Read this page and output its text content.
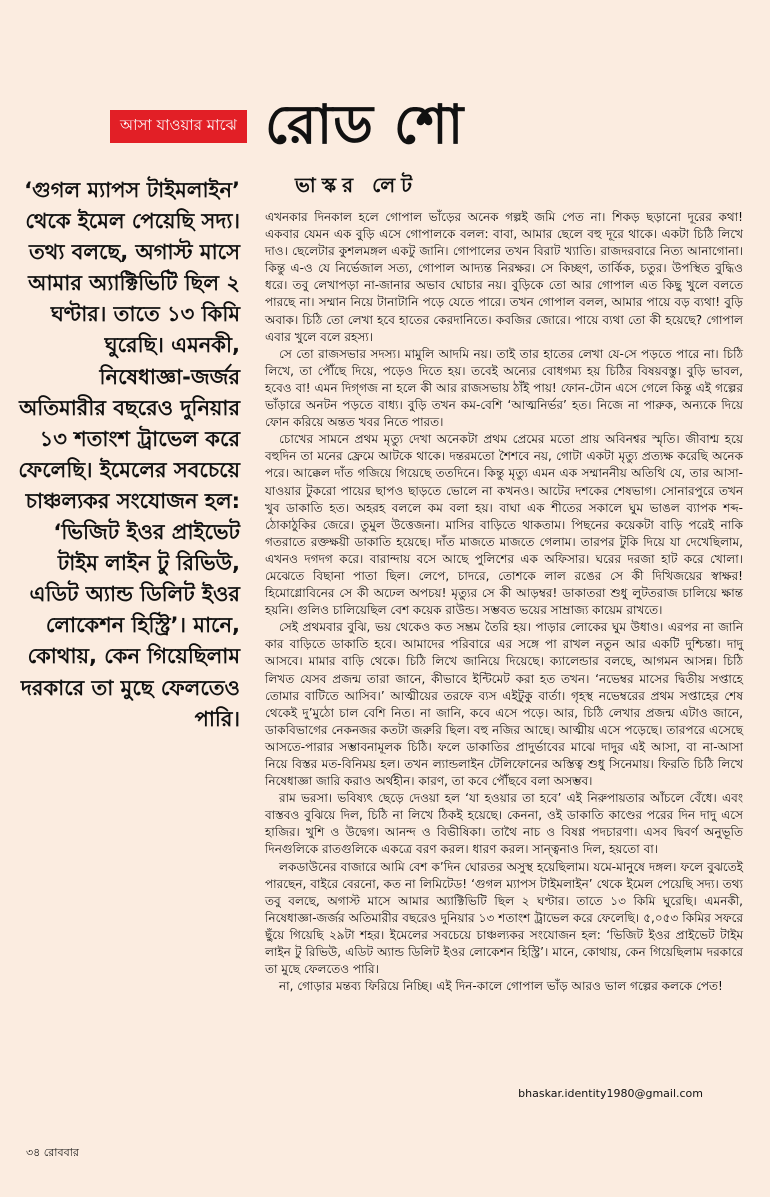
আসা যাওয়ার মাঝে রোড শো
ভাস্কর লেট

‘গুগল ম্যাপস টাইমলাইন’ থেকে ইমেল পেয়েছি সদ্য। তথ্য বলছে, অগাস্ট মাসে আমার অ্যাক্টিভিটি ছিল ২ ঘণ্টার। তাতে ১৩ কিমি ঘুরেছি। এমনকী, নিষেধাজ্ঞা-জর্জর অতিমারীর বছরেও দুনিয়ার ১৩ শতাংশ ট্রাভেল করে ফেলেছি। ইমেলের সবচেয়ে চাঞ্চল্যকর সংযোজন হল: ‘ভিজিট ইওর প্রাইভেট টাইম লাইন টু রিভিউ, এডিট অ্যান্ড ডিলিট ইওর লোকেশন হিস্ট্রি’। মানে, কোথায়, কেন গিয়েছিলাম দরকারে তা মুছে ফেলতেও পারি।

এখনকার দিনকাল হলে গোপাল ভাঁড়ের অনেক গল্পই জমি পেত না। শিকড় ছড়ানো দূরের কথা! একবার যেমন এক বুড়ি এসে গোপালকে বলল: বাবা, আমার ছেলে বহু দূরে থাকে। একটা চিঠি লিখে দাও। ছেলেটার কুশলমঙ্গল একটু জানি। গোপালের তখন বিরাট খ্যাতি। রাজদরবারে নিত্য আনাগোনা। কিন্তু এ-ও যে নির্ভেজাল সত্য, গোপাল আদ্যন্ত নিরক্ষর। সে কিচ্ছণ, তার্কিক, চতুর। উপস্থিত বুদ্ধিও ধরে। তবু লেখাপড়া না-জানার অভাব ঘোচার নয়। বুড়িকে তো আর গোপাল এত কিছু খুলে বলতে পারছে না। সম্মান নিয়ে টানাটানি পড়ে যেতে পারে। তখন গোপাল বলল, আমার পায়ে বড় ব্যথা! বুড়ি অবাক। চিঠি তো লেখা হবে হাতের কেরদানিতে। কবজির জোরে। পায়ে ব্যথা তো কী হয়েছে? গোপাল এবার খুলে বলে রহস্য।

সে তো রাজসভার সদস্য। মামুলি আদমি নয়। তাই তার হাতের লেখা যে-সে পড়তে পারে না। চিঠি লিখে, তা পৌঁছে দিয়ে, পড়েও দিতে হয়। তবেই অন্যের বোধগম্য হয় চিঠির বিষয়বস্তু। বুড়ি ভাবল, হবেও বা! এমন দিগ্‌গজ না হলে কী আর রাজসভায় ঠাঁই পায়! ফোন-টোন এসে গেলে কিন্তু এই গল্পের ভাঁড়ারে অনটন পড়তে বাধ্য। বুড়ি তখন কম-বেশি ‘আত্মনির্ভর’ হত। নিজে না পারুক, অন্যকে দিয়ে ফোন করিয়ে অন্তত খবর নিতে পারত।

চোখের সামনে প্রথম মৃত্যু দেখা অনেকটা প্রথম প্রেমের মতো প্রায় অবিনশ্বর স্মৃতি। জীবাশ্ম হয়ে বহুদিন তা মনের ফ্রেমে আটকে থাকে। দন্তরমতো শৈশবে নয়, গোটা একটা মৃত্যু প্রত্যক্ষ করেছি অনেক পরে। আক্কেল দাঁত গজিয়ে গিয়েছে ততদিনে। কিন্তু মৃত্যু এমন এক সম্মাননীয় অতিথি যে, তার আসা-যাওয়ার টুকরো পায়ের ছাপও ছাড়তে ভোলে না কখনও। আটের দশকের শেষভাগ। সোনারপুরে তখন খুব ডাকাতি হত। অহরহ বললে কম বলা হয়। বাঘা এক শীতের সকালে ঘুম ভাঙল ব্যাপক শব্দ-ঠোকাঠুকির জেরে। তুমুল উত্তেজনা। মাসির বাড়িতে থাকতাম। পিছনের কয়েকটা বাড়ি পরেই নাকি গতরাতে রক্তক্ষয়ী ডাকাতি হয়েছে। দাঁত মাজতে মাজতে গেলাম। তারপর টুকি দিয়ে যা দেখেছিলাম, এখনও দগদগ করে। বারান্দায় বসে আছে পুলিশের এক অফিসার। ঘরের দরজা হাট করে খোলা। মেঝেতে বিছানা পাতা ছিল। লেপে, চাদরে, তোশকে লাল রঙের সে কী দিখিজয়ের স্বাক্ষর! হিমোগ্লোবিনের সে কী অঢেল অপচয়! মৃত্যুর সে কী আড়ম্বর! ডাকাতরা শুধু লুটতরাজ চালিয়ে ক্ষান্ত হয়নি। গুলিও চালিয়েছিল বেশ কয়েক রাউন্ড। সম্ভবত ভয়ের সাম্রাজ্য কায়েম রাখতে।

সেই প্রথমবার বুঝি, ভয় থেকেও কত সম্ভ্রম তৈরি হয়। পাড়ার লোকের ঘুম উধাও। এরপর না জানি কার বাড়িতে ডাকাতি হবে। আমাদের পরিবারে এর সঙ্গে পা রাখল নতুন আর একটি দুশ্চিন্তা। দাদু আসবে। মামার বাড়ি থেকে। চিঠি লিখে জানিয়ে দিয়েছে। ক্যালেন্ডার বলছে, আগমন আসন্ন। চিঠি লিখত যেসব প্রজন্ম তারা জানে, কীভাবে ইন্টিমেট করা হত তখন। ‘নভেম্বর মাসের দ্বিতীয় সপ্তাহে তোমার বাটিতে আসিব।’ আত্মীয়ের তরফে ব্যস এইটুকু বার্তা। গৃহস্থ নভেম্বরের প্রথম সপ্তাহের শেষ থেকেই দু’মুঠো চাল বেশি নিত। না জানি, কবে এসে পড়ে। আর, চিঠি লেখার প্রজন্ম এটাও জানে, ডাকবিভাগের নেকনজর কতটা জরুরি ছিল। বহু নজির আছে। আত্মীয় এসে পড়েছে। তারপরে এসেছে আসতে-পারার সম্ভাবনামূলক চিঠি। ফলে ডাকাতির প্রাদুর্ভাবের মাঝে দাদুর এই আসা, বা না-আসা নিয়ে বিস্তর মত-বিনিময় হল। তখন ল্যান্ডলাইন টেলিফোনের অস্তিত্ব শুধু সিনেমায়। ফিরতি চিঠি লিখে নিষেধাজ্ঞা জারি করাও অর্থহীন। কারণ, তা কবে পৌঁছবে বলা অসম্ভব।

রাম ভরসা। ভবিষ্যৎ ছেড়ে দেওয়া হল ‘যা হওয়ার তা হবে’ এই নিরুপায়তার আঁচলে বেঁধে। এবং বাস্তবও বুঝিয়ে দিল, চিঠি না লিখে ঠিকই হয়েছে। কেননা, ওই ডাকাতি কাণ্ডের পরের দিন দাদু এসে হাজির। খুশি ও উদ্বেগ। আনন্দ ও বিভীষিকা। তাথৈ নাচ ও বিষণ্ণ পদচারণা। এসব দ্বিবর্ণ অনুভূতি দিনগুলিকে রাতগুলিকে একত্রে বরণ করল। ধারণ করল। সান্ত্বনাও দিল, হয়তো বা।

লকডাউনের বাজারে আমি বেশ ক’দিন ঘোরতর অসুস্থ হয়েছিলাম। যমে-মানুষে দঙ্গল। ফলে বুঝতেই পারছেন, বাইরে বেরনো, কত না লিমিটেড! ‘গুগল ম্যাপস টাইমলাইন’ থেকে ইমেল পেয়েছি সদ্য। তথ্য তবু বলছে, অগাস্ট মাসে আমার অ্যাক্টিভিটি ছিল ২ ঘণ্টার। তাতে ১৩ কিমি ঘুরেছি। এমনকী, নিষেধাজ্ঞা-জর্জর অতিমারীর বছরেও দুনিয়ার ১৩ শতাংশ ট্রাভেল করে ফেলেছি। ৫,০৫৩ কিমির সফরে ছুঁয়ে গিয়েছি ২৯টা শহর। ইমেলের সবচেয়ে চাঞ্চল্যকর সংযোজন হল: ‘ভিজিট ইওর প্রাইভেট টাইম লাইন টু রিভিউ, এডিট অ্যান্ড ডিলিট ইওর লোকেশন হিস্ট্রি’। মানে, কোথায়, কেন গিয়েছিলাম দরকারে তা মুছে ফেলতেও পারি।

না, গোড়ার মন্তব্য ফিরিয়ে নিচ্ছি। এই দিন-কালে গোপাল ভাঁড় আরও ভাল গল্পের কলকে পেত!

bhaskar.identity1980@gmail.com
৩৪ রোববার
